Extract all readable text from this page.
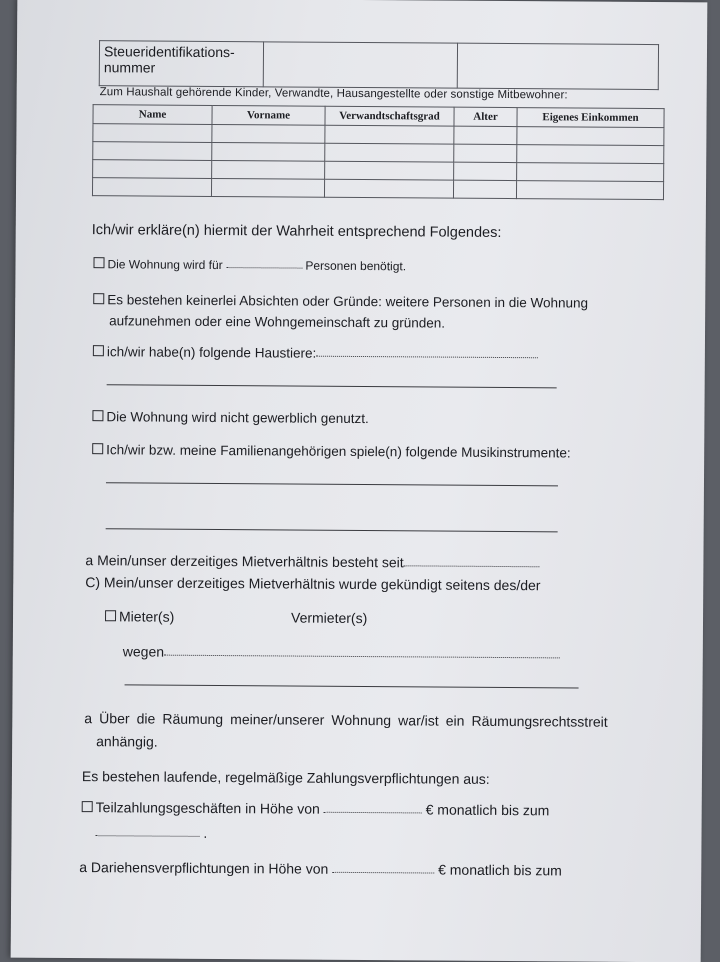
Steueridentifikations-
nummer		
Zum Haushalt gehörende Kinder, Verwandte, Hausangestellte oder sonstige Mitbewohner:
Name	Vorname	Verwandtschaftsgrad	Alter	Eigenes Einkommen

Ich/wir erkläre(n) hiermit der Wahrheit entsprechend Folgendes:
Die Wohnung wird für	Personen benötigt.
Es bestehen keinerlei Absichten oder Gründe: weitere Personen in die Wohnung
aufzunehmen oder eine Wohngemeinschaft zu gründen.
ich/wir habe(n) folgende Haustiere:
Die Wohnung wird nicht gewerblich genutzt.
Ich/wir bzw. meine Familienangehörigen spiele(n) folgende Musikinstrumente:
a Mein/unser derzeitiges Mietverhältnis besteht seit
C) Mein/unser derzeitiges Mietverhältnis wurde gekündigt seitens des/der
Mieter(s)	Vermieter(s)
wegen
a Über die Räumung meiner/unserer Wohnung war/ist ein Räumungsrechtsstreit
anhängig.
Es bestehen laufende, regelmäßige Zahlungsverpflichtungen aus:
Teilzahlungsgeschäften in Höhe von	€ monatlich bis zum
.
a Dariehensverpflichtungen in Höhe von	€ monatlich bis zum
